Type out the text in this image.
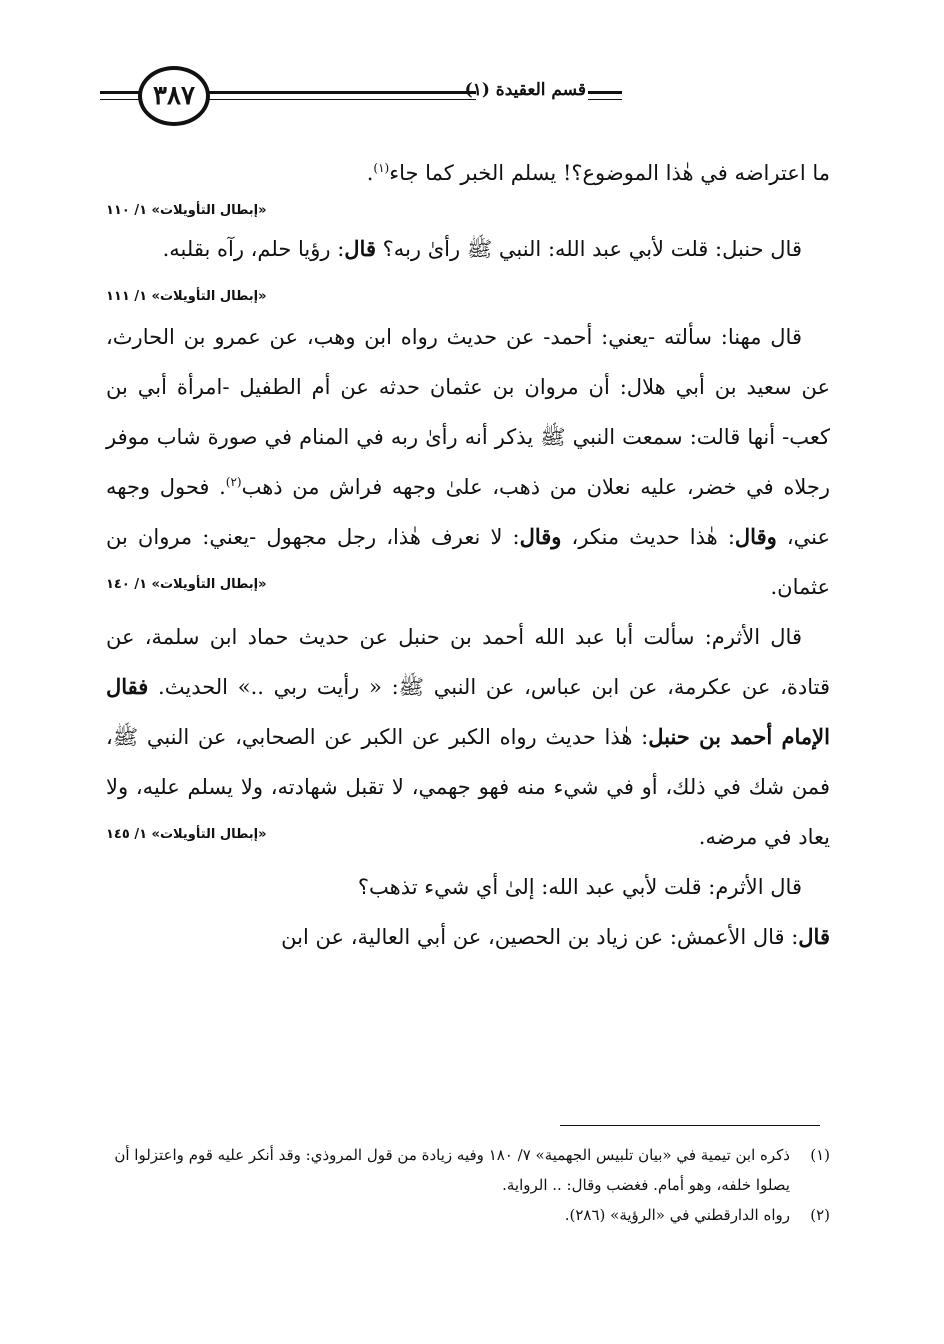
قسم العقيدة (١)
٣٨٧

ما اعتراضه في هٰذا الموضوع؟! يسلم الخبر كما جاء$^{(١)}$.

«إبطال التأويلات» ١/ ١١٠

قال حنبل: قلت لأبي عبد الله: النبي ﷺ رأىٰ ربه؟ قال: رؤيا حلم، رآه بقلبه.
«إبطال التأويلات» ١/ ١١١

قال مهنا: سألته -يعني: أحمد- عن حديث رواه ابن وهب، عن عمرو بن الحارث، عن سعيد بن أبي هلال: أن مروان بن عثمان حدثه عن أم الطفيل -امرأة أبي بن كعب- أنها قالت: سمعت النبي ﷺ يذكر أنه رأىٰ ربه في المنام في صورة شاب موفر رجلاه في خضر، عليه نعلان من ذهب، علىٰ وجهه فراش من ذهب$^{(٢)}$. فحول وجهه عني، وقال: هٰذا حديث منكر، وقال: لا نعرف هٰذا، رجل مجهول -يعني: مروان بن عثمان.
«إبطال التأويلات» ١/ ١٤٠

قال الأثرم: سألت أبا عبد الله أحمد بن حنبل عن حديث حماد ابن سلمة، عن قتادة، عن عكرمة، عن ابن عباس، عن النبي ﷺ: « رأيت ربي ..» الحديث. فقال الإمام أحمد بن حنبل: هٰذا حديث رواه الكبر عن الكبر عن الصحابي، عن النبي ﷺ، فمن شك في ذلك، أو في شيء منه فهو جهمي، لا تقبل شهادته، ولا يسلم عليه، ولا يعاد في مرضه.
«إبطال التأويلات» ١/ ١٤٥

قال الأثرم: قلت لأبي عبد الله: إلىٰ أي شيء تذهب؟

قال: قال الأعمش: عن زياد بن الحصين، عن أبي العالية، عن ابن

(١)
ذكره ابن تيمية في «بيان تلبيس الجهمية» ٧/ ١٨٠ وفيه زيادة من قول المروذي: وقد أنكر عليه قوم واعتزلوا أن يصلوا خلفه، وهو أمام. فغضب وقال: .. الرواية.
(٢)
رواه الدارقطني في «الرؤية» (٢٨٦).
